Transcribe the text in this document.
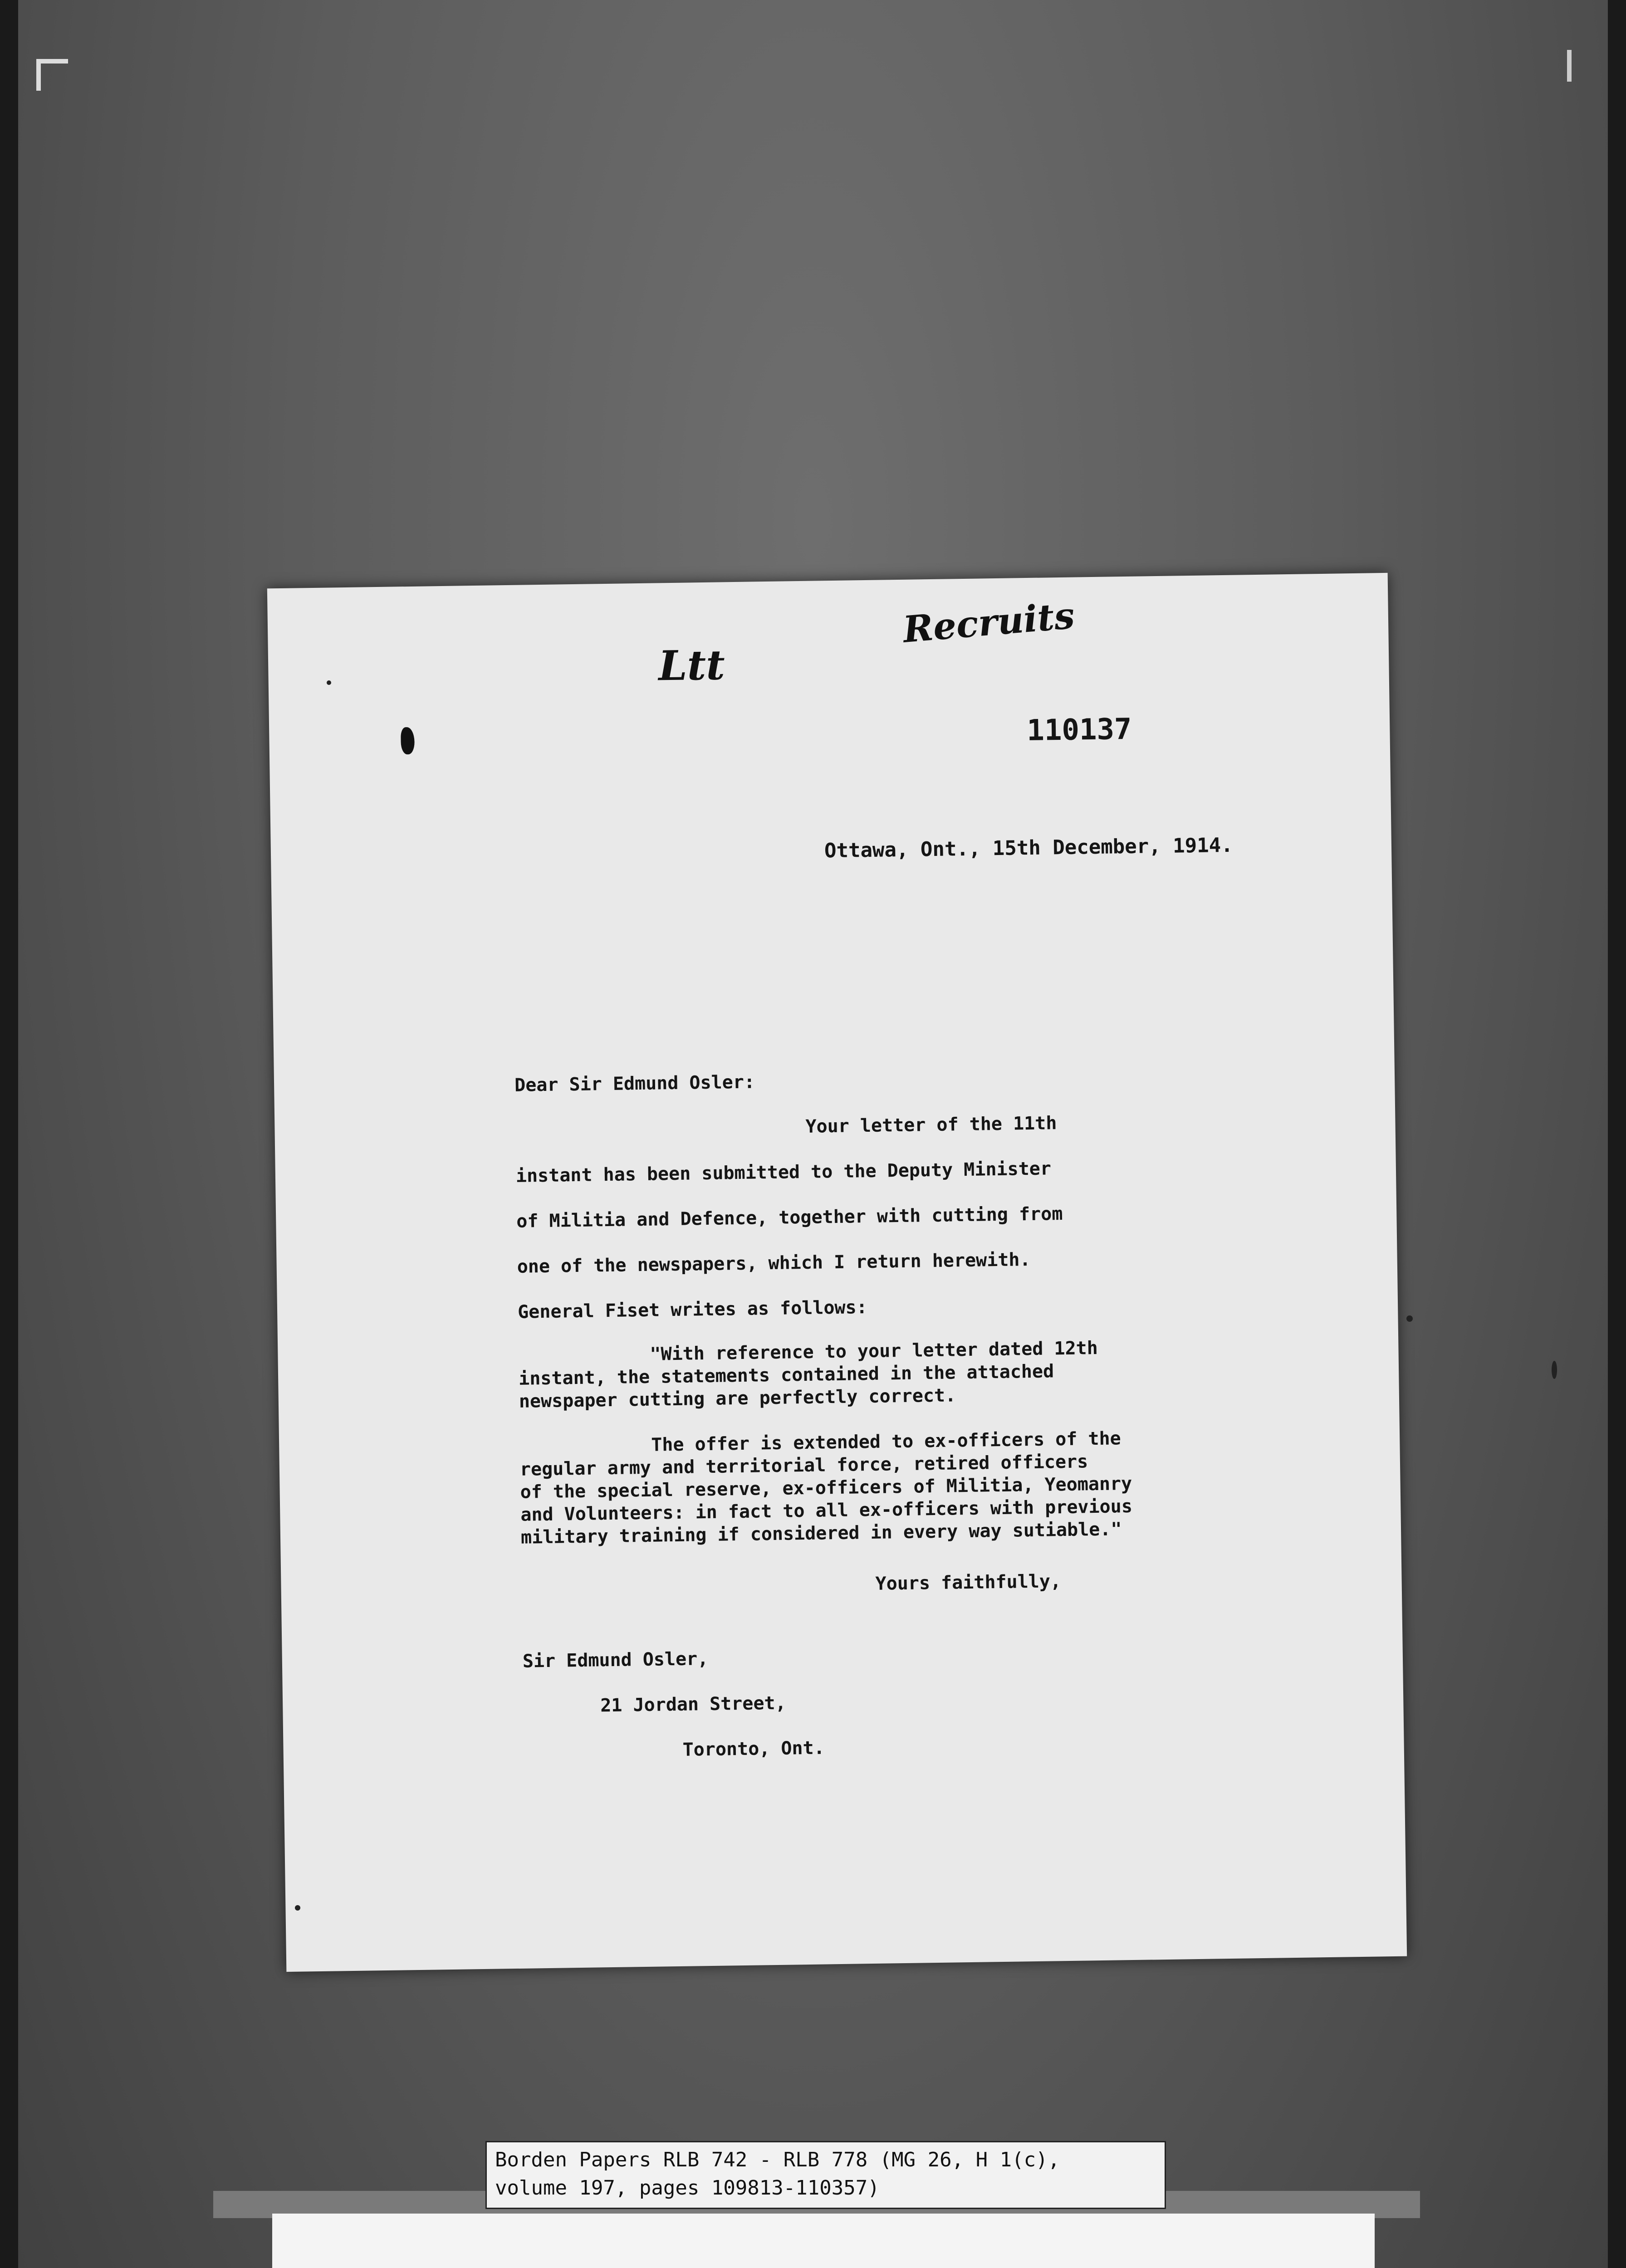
Ltt
Recruits
110137
Ottawa, Ont., 15th December, 1914.
Dear Sir Edmund Osler:
Your letter of the 11th
instant has been submitted to the Deputy Minister
of Militia and Defence, together with cutting from
one of the newspapers, which I return herewith.
General Fiset writes as follows:
"With reference to your letter dated 12th
instant, the statements contained in the attached
newspaper cutting are perfectly correct.
The offer is extended to ex-officers of the
regular army and territorial force, retired officers
of the special reserve, ex-officers of Militia, Yeomanry
and Volunteers: in fact to all ex-officers with previous
military training if considered in every way sutiable."
Yours faithfully,
Sir Edmund Osler,
21 Jordan Street,
Toronto, Ont.
Borden Papers RLB 742 - RLB 778 (MG 26, H 1(c),
volume 197, pages 109813-110357)
